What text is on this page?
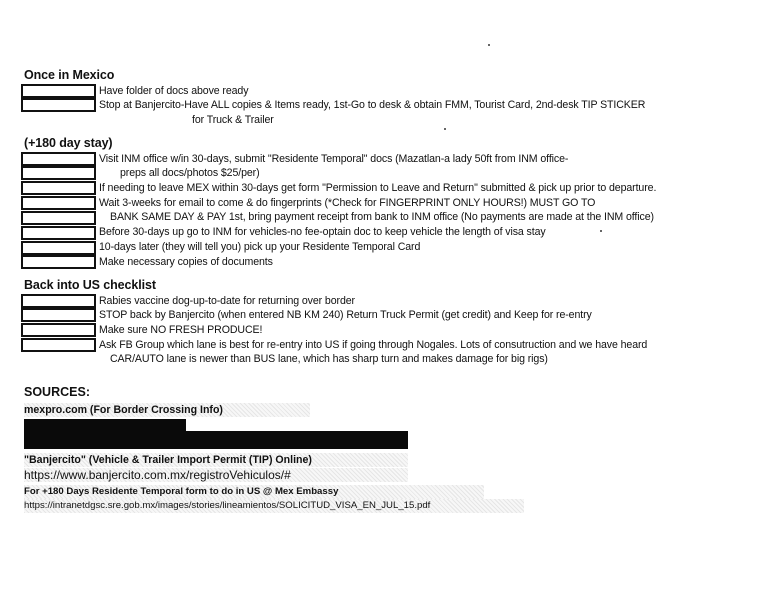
Once in Mexico
Have folder of docs above ready
Stop at Banjercito-Have ALL copies & Items ready, 1st-Go to desk & obtain FMM, Tourist Card, 2nd-desk TIP STICKER
for Truck & Trailer
(+180 day stay)
Visit INM office w/in 30-days, submit "Residente Temporal" docs (Mazatlan-a lady 50ft from INM office-
preps all docs/photos $25/per)
If needing to leave MEX within 30-days get form "Permission to Leave and Return" submitted & pick up prior to departure.
Wait 3-weeks for email to come & do fingerprints (*Check for FINGERPRINT ONLY HOURS!) MUST GO TO
BANK SAME DAY & PAY 1st, bring payment receipt from bank to INM office (No payments are made at the INM office)
Before 30-days up go to INM for vehicles-no fee-optain doc to keep vehicle the length of visa stay
10-days later (they will tell you) pick up your Residente Temporal Card
Make necessary copies of documents
Back into US checklist
Rabies vaccine dog-up-to-date for returning over border
STOP back by Banjercito (when entered NB KM 240) Return Truck Permit (get credit) and Keep for re-entry
Make sure NO FRESH PRODUCE!
Ask FB Group which lane is best for re-entry into US if going through Nogales. Lots of consutruction and we have heard
CAR/AUTO lane is newer than BUS lane, which has sharp turn and makes damage for big rigs)
SOURCES:
mexpro.com (For Border Crossing Info)
"Banjercito" (Vehicle & Trailer Import Permit (TIP) Online)
https://www.banjercito.com.mx/registroVehiculos/#
For +180 Days Residente Temporal form to do in US @ Mex Embassy
https://intranetdgsc.sre.gob.mx/images/stories/lineamientos/SOLICITUD_VISA_EN_JUL_15.pdf
